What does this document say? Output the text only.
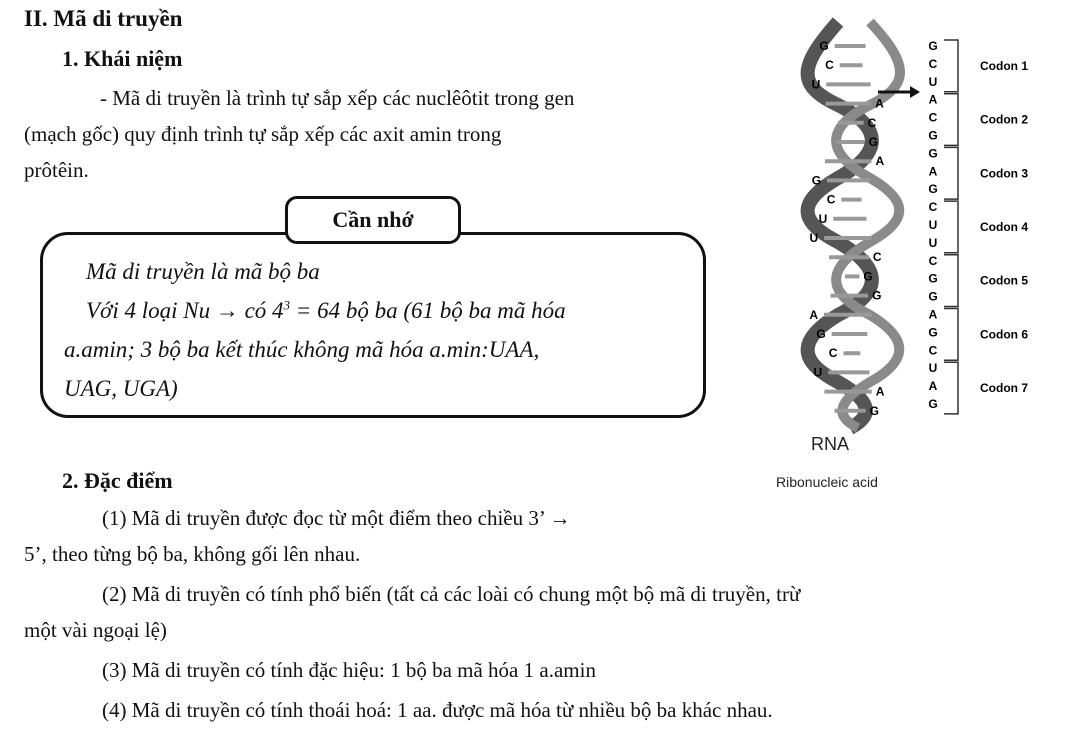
II. Mã di truyền
1. Khái niệm
- Mã di truyền là trình tự sắp xếp các nuclêôtit trong gen
(mạch gốc) quy định trình tự sắp xếp các axit amin trong
prôtêin.
Cần nhớ
Mã di truyền là mã bộ ba
Với 4 loại Nu → có $4^3 = 64$ bộ ba (61 bộ ba mã hóa
a.amin; 3 bộ ba kết thúc không mã hóa a.min:UAA,
UAG, UGA)
2. Đặc điểm
(1) Mã di truyền được đọc từ một điểm theo chiều 3’ →
5’, theo từng bộ ba, không gối lên nhau.
(2) Mã di truyền có tính phổ biến (tất cả các loài có chung một bộ mã di truyền, trừ
một vài ngoại lệ)
(3) Mã di truyền có tính đặc hiệu: 1 bộ ba mã hóa 1 a.amin
(4) Mã di truyền có tính thoái hoá: 1 aa. được mã hóa từ nhiều bộ ba khác nhau.
G
C
U
A
C
G
A
G
C
U
U
C
G
G
A
G
C
U
A
G
G
C
U
A
C
G
G
A
G
C
U
U
C
G
G
A
G
C
U
A
G
Codon 1
Codon 2
Codon 3
Codon 4
Codon 5
Codon 6
Codon 7
RNA
Ribonucleic acid
